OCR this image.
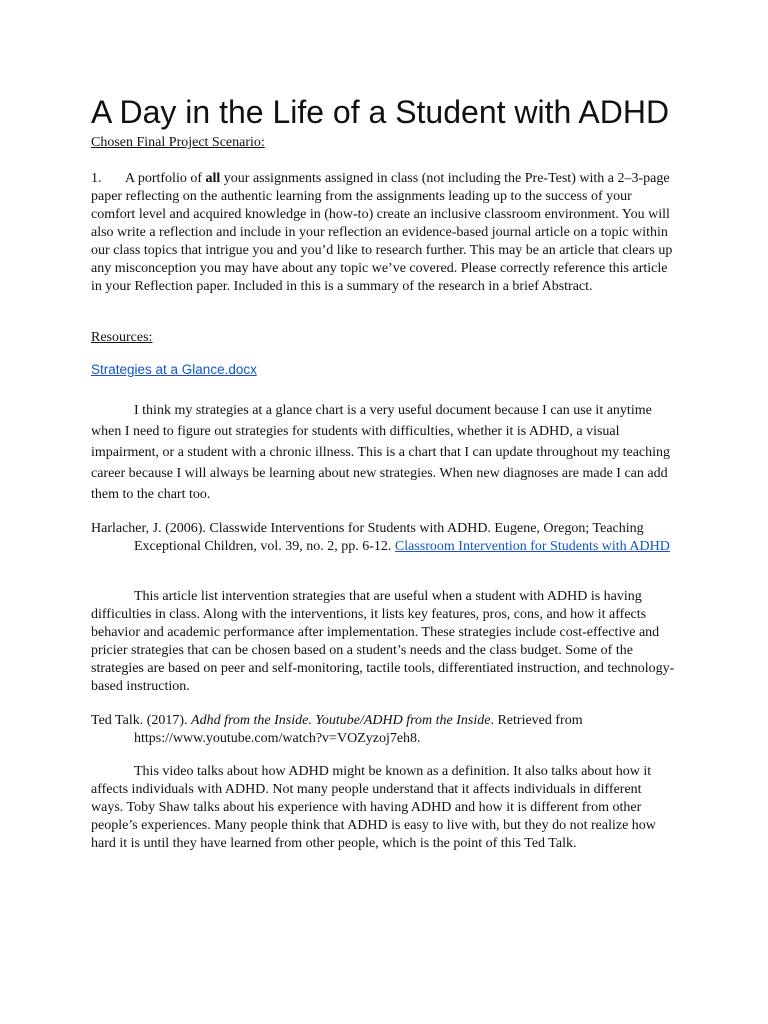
A Day in the Life of a Student with ADHD
Chosen Final Project Scenario:
1. A portfolio of all your assignments assigned in class (not including the Pre-Test) with a 2–3-page paper reflecting on the authentic learning from the assignments leading up to the success of your comfort level and acquired knowledge in (how-to) create an inclusive classroom environment. You will also write a reflection and include in your reflection an evidence-based journal article on a topic within our class topics that intrigue you and you’d like to research further. This may be an article that clears up any misconception you may have about any topic we’ve covered. Please correctly reference this article in your Reflection paper. Included in this is a summary of the research in a brief Abstract.
Resources:
Strategies at a Glance.docx

I think my strategies at a glance chart is a very useful document because I can use it anytime when I need to figure out strategies for students with difficulties, whether it is ADHD, a visual impairment, or a student with a chronic illness. This is a chart that I can update throughout my teaching career because I will always be learning about new strategies. When new diagnoses are made I can add them to the chart too.

Harlacher, J. (2006). Classwide Interventions for Students with ADHD. Eugene, Oregon; Teaching Exceptional Children, vol. 39, no. 2, pp. 6-12. Classroom Intervention for Students with ADHD

This article list intervention strategies that are useful when a student with ADHD is having difficulties in class. Along with the interventions, it lists key features, pros, cons, and how it affects behavior and academic performance after implementation. These strategies include cost-effective and pricier strategies that can be chosen based on a student’s needs and the class budget. Some of the strategies are based on peer and self-monitoring, tactile tools, differentiated instruction, and technology-based instruction.

Ted Talk. (2017). Adhd from the Inside. Youtube/ADHD from the Inside. Retrieved from https://www.youtube.com/watch?v=VOZyzoj7eh8.

This video talks about how ADHD might be known as a definition. It also talks about how it affects individuals with ADHD. Not many people understand that it affects individuals in different ways. Toby Shaw talks about his experience with having ADHD and how it is different from other people’s experiences. Many people think that ADHD is easy to live with, but they do not realize how hard it is until they have learned from other people, which is the point of this Ted Talk.
